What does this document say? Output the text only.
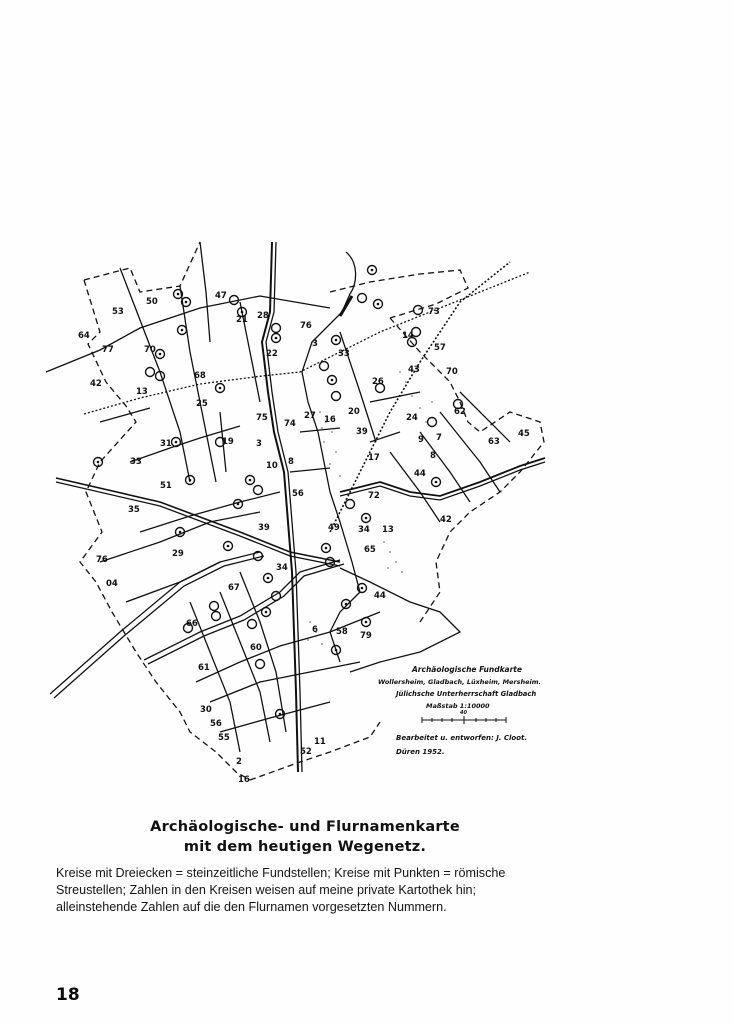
53
50
47
21 28
76
64
77	70	22
3
33
14
73
57
42
13
68
43	70
26
25
75
74
27 16
20	62
31	19	3
33
39
17
24
9 7
8
63
45
10 8
51
44
35
56	72
42
39	49 34 13
76
29	65
34
04	67
44
66
60
6 58 79
61
30
56
55	11
52
2
16
Archäologische Fundkarte
Wollersheim, Gladbach, Lüxheim, Mersheim.
Jülichsche Unterherrschaft Gladbach
Maßstab 1:10000
40
Bearbeitet u. entworfen: J. Cloot.
Düren 1952.
Archäologische- und Flurnamenkarte
mit dem heutigen Wegenetz.
Kreise mit Dreiecken = steinzeitliche Fundstellen; Kreise mit Punkten = römische
Streustellen; Zahlen in den Kreisen weisen auf meine private Kartothek hin;
alleinstehende Zahlen auf die den Flurnamen vorgesetzten Nummern.
18
